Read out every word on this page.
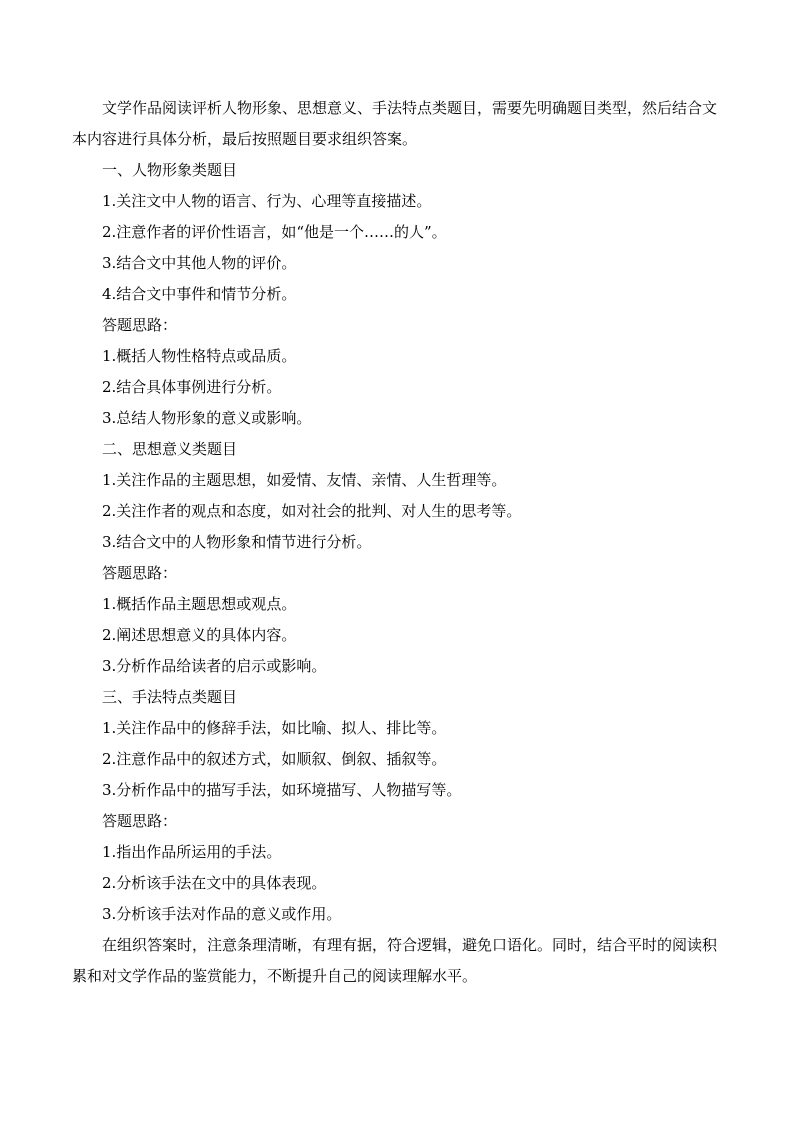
文学作品阅读评析人物形象、思想意义、手法特点类题目，需要先明确题目类型，然后结合文本内容进行具体分析，最后按照题目要求组织答案。

一、人物形象类题目

1.关注文中人物的语言、行为、心理等直接描述。

2.注意作者的评价性语言，如“他是一个……的人”。

3.结合文中其他人物的评价。

4.结合文中事件和情节分析。

答题思路：

1.概括人物性格特点或品质。

2.结合具体事例进行分析。

3.总结人物形象的意义或影响。

二、思想意义类题目

1.关注作品的主题思想，如爱情、友情、亲情、人生哲理等。

2.关注作者的观点和态度，如对社会的批判、对人生的思考等。

3.结合文中的人物形象和情节进行分析。

答题思路：

1.概括作品主题思想或观点。

2.阐述思想意义的具体内容。

3.分析作品给读者的启示或影响。

三、手法特点类题目

1.关注作品中的修辞手法，如比喻、拟人、排比等。

2.注意作品中的叙述方式，如顺叙、倒叙、插叙等。

3.分析作品中的描写手法，如环境描写、人物描写等。

答题思路：

1.指出作品所运用的手法。

2.分析该手法在文中的具体表现。

3.分析该手法对作品的意义或作用。

在组织答案时，注意条理清晰，有理有据，符合逻辑，避免口语化。同时，结合平时的阅读积累和对文学作品的鉴赏能力，不断提升自己的阅读理解水平。
